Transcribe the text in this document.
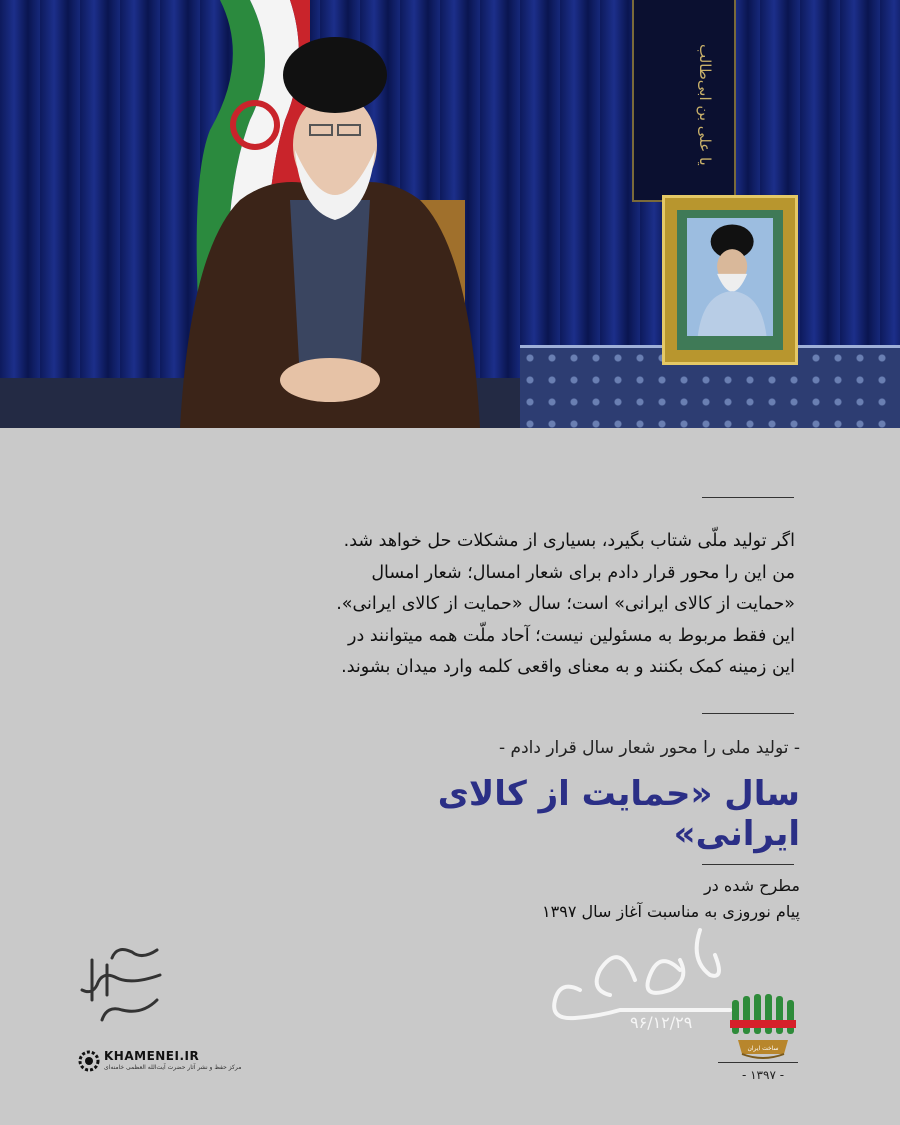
یا علی بن ابی‌طالب
اگر تولید ملّی شتاب بگیرد، بسیاری از مشکلات حل خواهد شد.
من این را محور قرار دادم برای شعار امسال؛ شعار امسال
«حمایت از کالای ایرانی» است؛ سال «حمایت از کالای ایرانی».
این فقط مربوط به مسئولین نیست؛ آحاد ملّت همه میتوانند در
این زمینه کمک بکنند و به معنای واقعی کلمه وارد میدان بشوند.
- تولید ملی را محور شعار سال قرار دادم -
سال «حمایت از کالای ایرانی»
مطرح شده در
پیام نوروزی به مناسبت آغاز سال ۱۳۹۷
۹۶/۱۲/۲۹
ساخت ایران
- ۱۳۹۷ -
KHAMENEI.IR
مرکز حفظ و نشر آثار حضرت آیت‌الله العظمی خامنه‌ای
